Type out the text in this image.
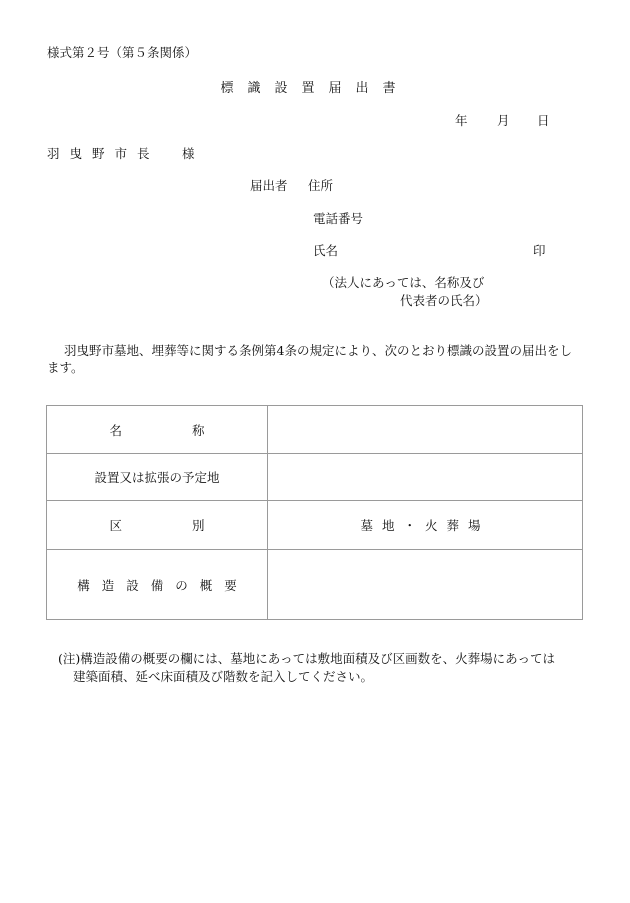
様式第２号（第５条関係）
標識設置届出書
年 月 日
羽曳野市長　様
届出者 住所
電話番号
氏名	印
（法人にあっては、名称及び
代表者の氏名）
羽曳野市墓地、埋葬等に関する条例第4条の規定により、次のとおり標識の設置の届出をします。
名称	
設置又は拡張の予定地	
区別	墓地・火葬場
構造設備の概要	
(注)構造設備の概要の欄には、墓地にあっては敷地面積及び区画数を、火葬場にあっては
建築面積、延べ床面積及び階数を記入してください。
